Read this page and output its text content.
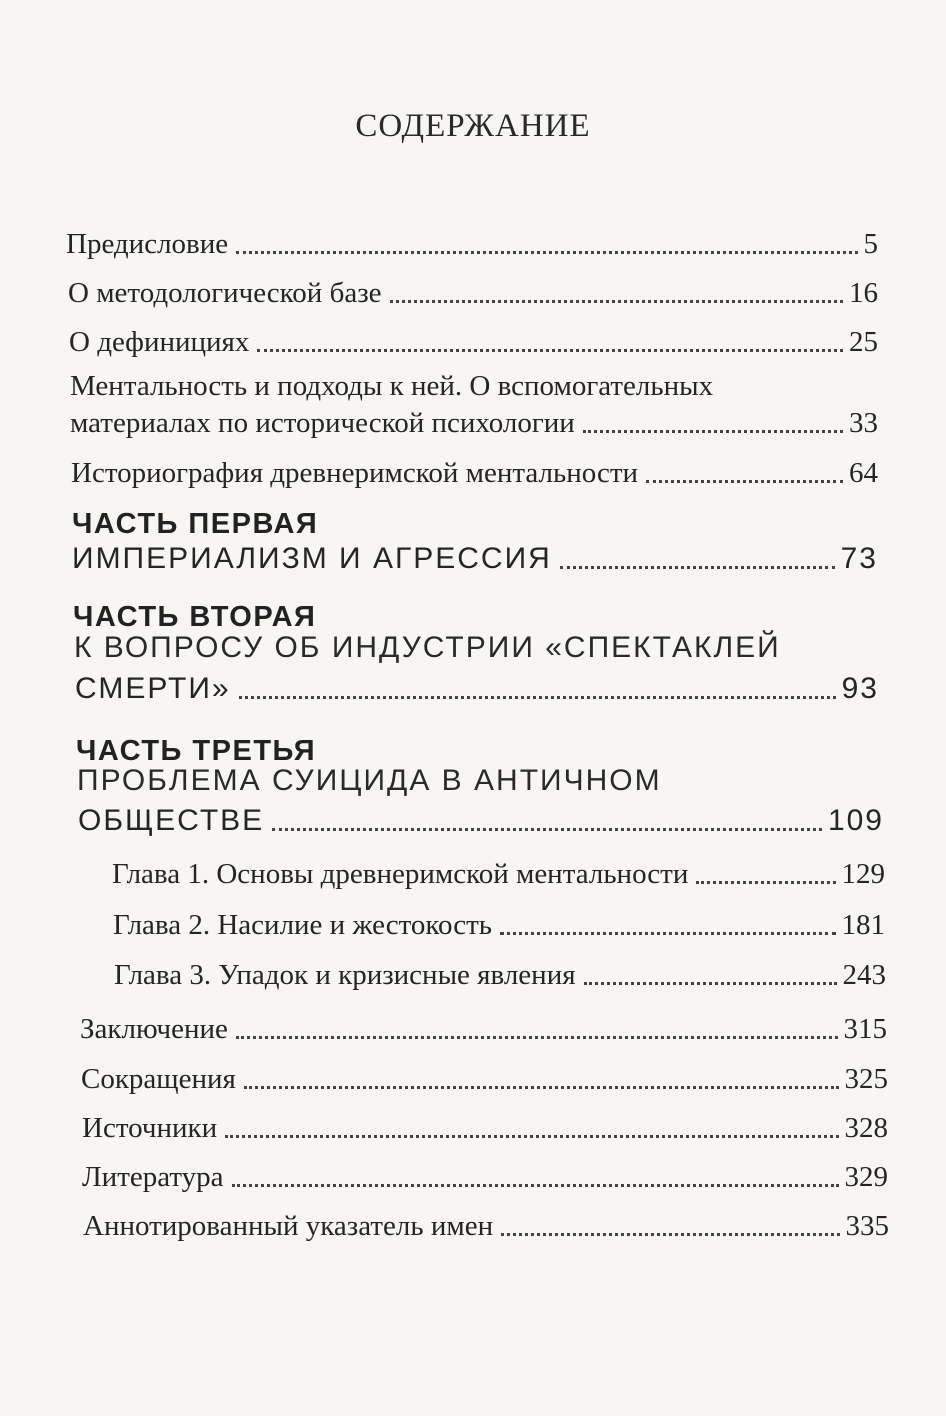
СОДЕРЖАНИЕ
Предисловие	5
О методологической базе	16
О дефинициях	25
Ментальность и подходы к ней. О вспомогательных
материалах по исторической психологии	33
Историография древнеримской ментальности	64
ЧАСТЬ ПЕРВАЯ
ИМПЕРИАЛИЗМ И АГРЕССИЯ	73
ЧАСТЬ ВТОРАЯ
К ВОПРОСУ ОБ ИНДУСТРИИ «СПЕКТАКЛЕЙ
СМЕРТИ»	93
ЧАСТЬ ТРЕТЬЯ
ПРОБЛЕМА СУИЦИДА В АНТИЧНОМ
ОБЩЕСТВЕ	109
Глава 1. Основы древнеримской ментальности	129
Глава 2. Насилие и жестокость	181
Глава 3. Упадок и кризисные явления	243
Заключение	315
Сокращения	325
Источники	328
Литература	329
Аннотированный указатель имен	335
